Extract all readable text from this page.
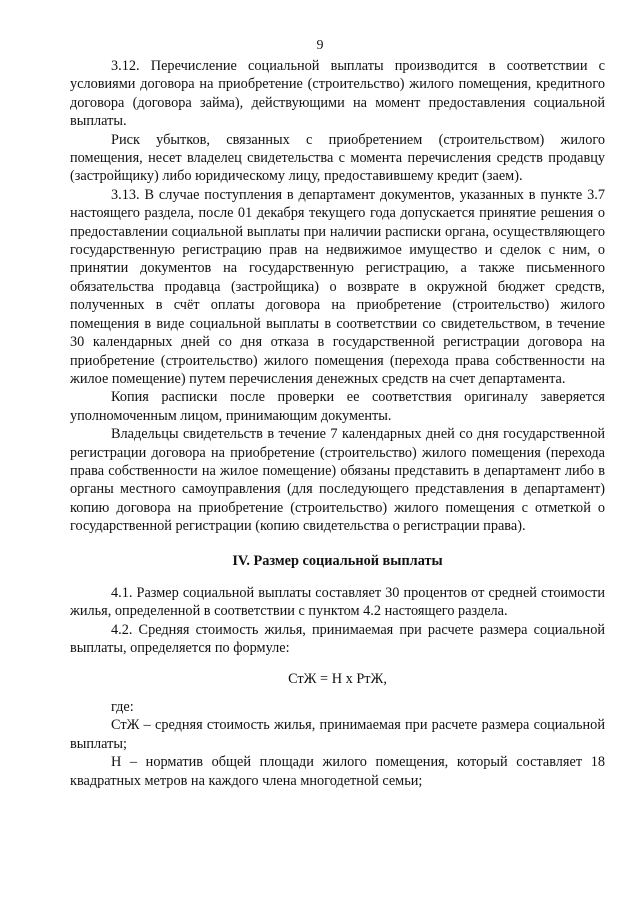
9

3.12. Перечисление социальной выплаты производится в соответствии с условиями договора на приобретение (строительство) жилого помещения, кредитного договора (договора займа), действующими на момент предоставления социальной выплаты.

Риск убытков, связанных с приобретением (строительством) жилого помещения, несет владелец свидетельства с момента перечисления средств продавцу (застройщику) либо юридическому лицу, предоставившему кредит (заем).

3.13. В случае поступления в департамент документов, указанных в пункте 3.7 настоящего раздела, после 01 декабря текущего года допускается принятие решения о предоставлении социальной выплаты при наличии расписки органа, осуществляющего государственную регистрацию прав на недвижимое имущество и сделок с ним, о принятии документов на государственную регистрацию, а также письменного обязательства продавца (застройщика) о возврате в окружной бюджет средств, полученных в счёт оплаты договора на приобретение (строительство) жилого помещения в виде социальной выплаты в соответствии со свидетельством, в течение 30 календарных дней со дня отказа в государственной регистрации договора на приобретение (строительство) жилого помещения (перехода права собственности на жилое помещение) путем перечисления денежных средств на счет департамента.

Копия расписки после проверки ее соответствия оригиналу заверяется уполномоченным лицом, принимающим документы.

Владельцы свидетельств в течение 7 календарных дней со дня государственной регистрации договора на приобретение (строительство) жилого помещения (перехода права собственности на жилое помещение) обязаны представить в департамент либо в органы местного самоуправления (для последующего представления в департамент) копию договора на приобретение (строительство) жилого помещения с отметкой о государственной регистрации (копию свидетельства о регистрации права).

IV. Размер социальной выплаты

4.1. Размер социальной выплаты составляет 30 процентов от средней стоимости жилья, определенной в соответствии с пунктом 4.2 настоящего раздела.

4.2. Средняя стоимость жилья, принимаемая при расчете размера социальной выплаты, определяется по формуле:

СтЖ = Н х РтЖ,

где:

СтЖ – средняя стоимость жилья, принимаемая при расчете размера социальной выплаты;

Н – норматив общей площади жилого помещения, который составляет 18 квадратных метров на каждого члена многодетной семьи;
